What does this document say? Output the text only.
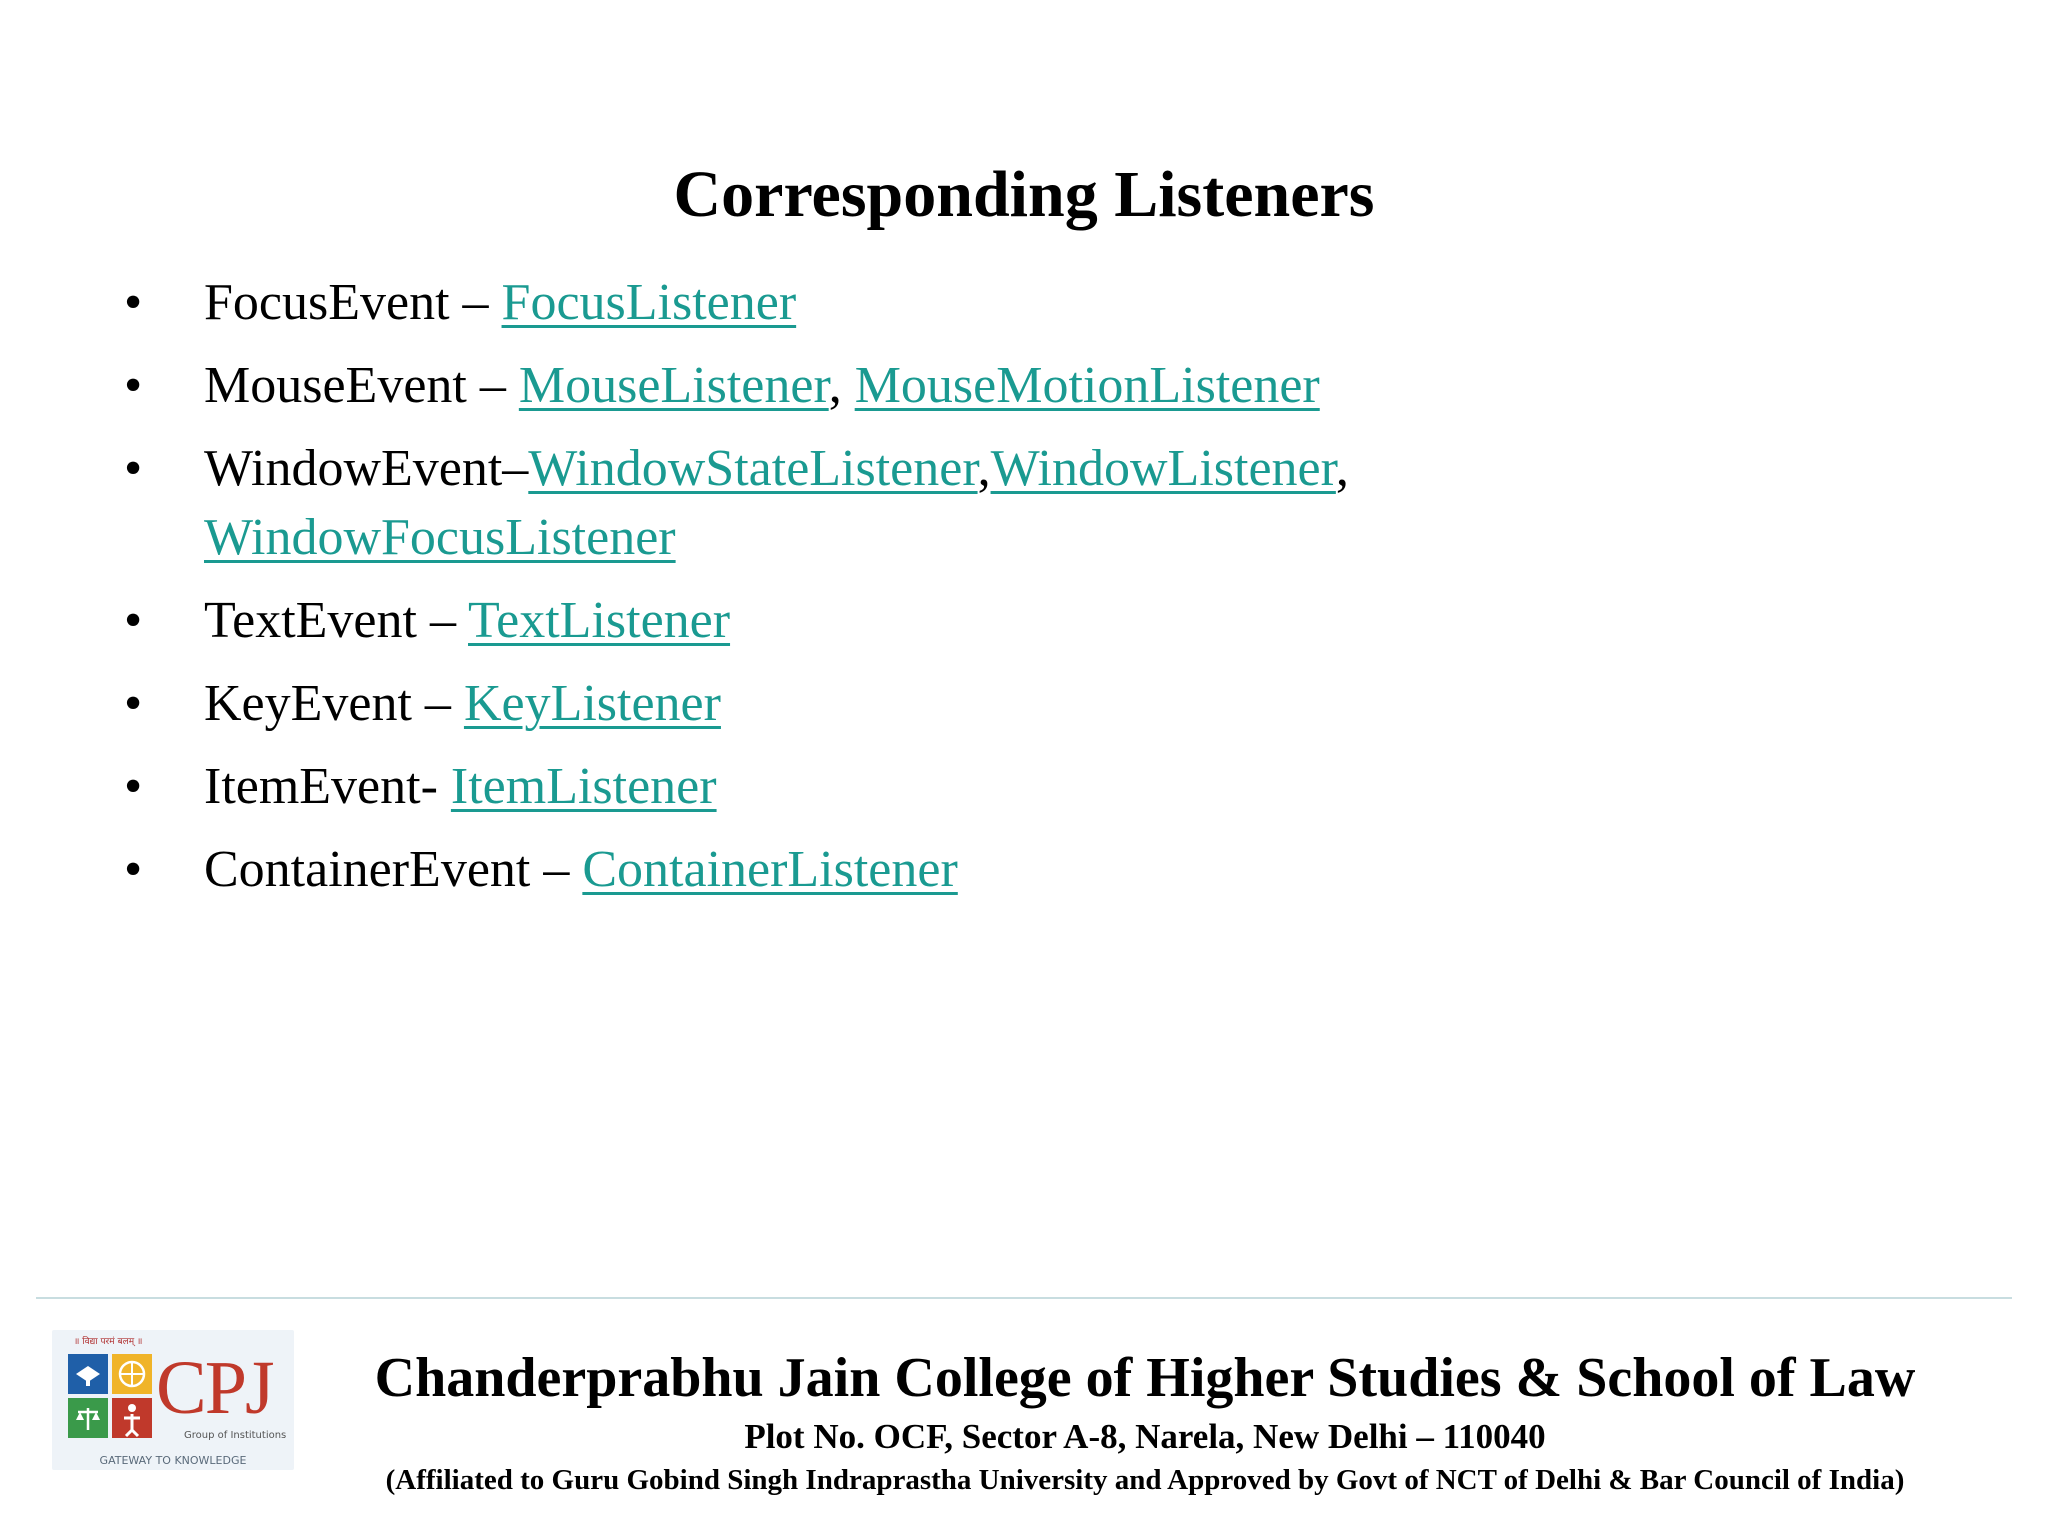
Corresponding Listeners
• FocusEvent – FocusListener
• MouseEvent – MouseListener, MouseMotionListener
• WindowEvent–WindowStateListener,WindowListener,
WindowFocusListener
• TextEvent – TextListener
• KeyEvent – KeyListener
• ItemEvent- ItemListener
• ContainerEvent – ContainerListener
॥ विद्या परमं बलम् ॥
CPJ
Group of Institutions
GATEWAY TO KNOWLEDGE
Chanderprabhu Jain College of Higher Studies & School of Law
Plot No. OCF, Sector A-8, Narela, New Delhi – 110040
(Affiliated to Guru Gobind Singh Indraprastha University and Approved by Govt of NCT of Delhi & Bar Council of India)
